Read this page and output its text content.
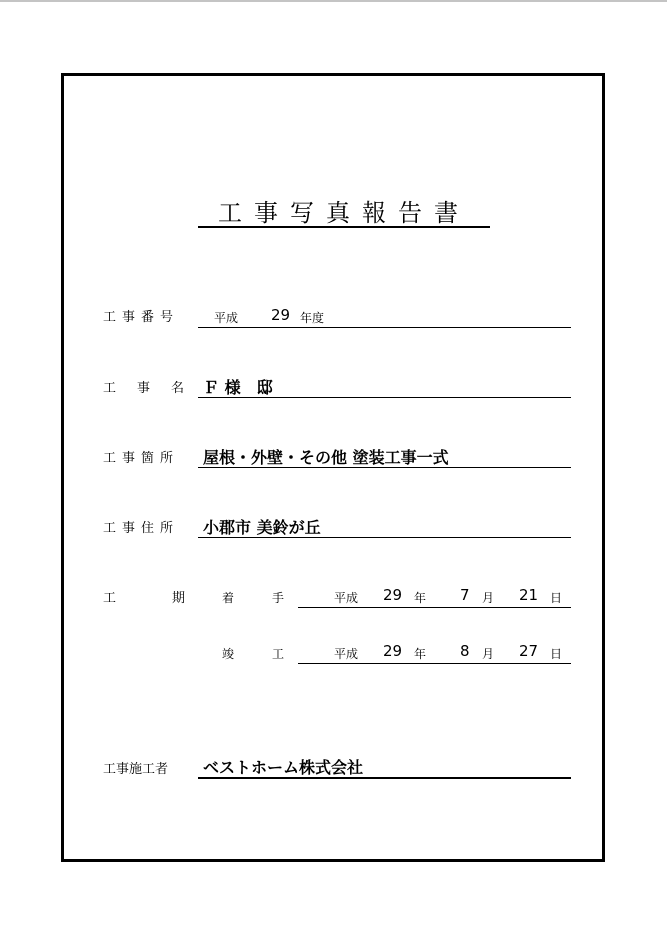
工事写真報告書
工事番号	平成 29 年度
工事名
Ｆ 様　邸
工事箇所 屋根・外壁・その他 塗装工事一式
工事住所 小郡市 美鈴が丘
工期
着手 平成 29 年 7 月 21 日
竣工 平成 29 年 8 月 27 日
工事施工者 ベストホーム株式会社
